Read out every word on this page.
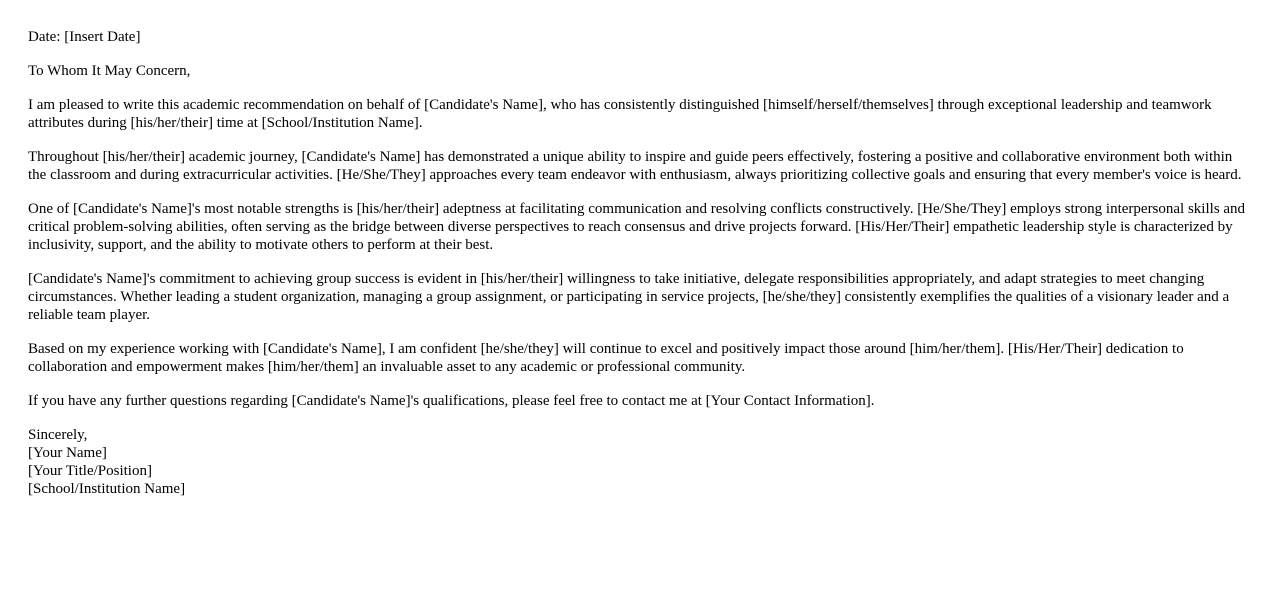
Date: [Insert Date]

To Whom It May Concern,

I am pleased to write this academic recommendation on behalf of [Candidate's Name], who has consistently distinguished [himself/herself/themselves] through exceptional leadership and teamwork attributes during [his/her/their] time at [School/Institution Name].

Throughout [his/her/their] academic journey, [Candidate's Name] has demonstrated a unique ability to inspire and guide peers effectively, fostering a positive and collaborative environment both within the classroom and during extracurricular activities. [He/She/They] approaches every team endeavor with enthusiasm, always prioritizing collective goals and ensuring that every member's voice is heard.

One of [Candidate's Name]'s most notable strengths is [his/her/their] adeptness at facilitating communication and resolving conflicts constructively. [He/She/They] employs strong interpersonal skills and critical problem-solving abilities, often serving as the bridge between diverse perspectives to reach consensus and drive projects forward. [His/Her/Their] empathetic leadership style is characterized by inclusivity, support, and the ability to motivate others to perform at their best.

[Candidate's Name]'s commitment to achieving group success is evident in [his/her/their] willingness to take initiative, delegate responsibilities appropriately, and adapt strategies to meet changing circumstances. Whether leading a student organization, managing a group assignment, or participating in service projects, [he/she/they] consistently exemplifies the qualities of a visionary leader and a reliable team player.

Based on my experience working with [Candidate's Name], I am confident [he/she/they] will continue to excel and positively impact those around [him/her/them]. [His/Her/Their] dedication to collaboration and empowerment makes [him/her/them] an invaluable asset to any academic or professional community.

If you have any further questions regarding [Candidate's Name]'s qualifications, please feel free to contact me at [Your Contact Information].

Sincerely,
[Your Name]
[Your Title/Position]
[School/Institution Name]
